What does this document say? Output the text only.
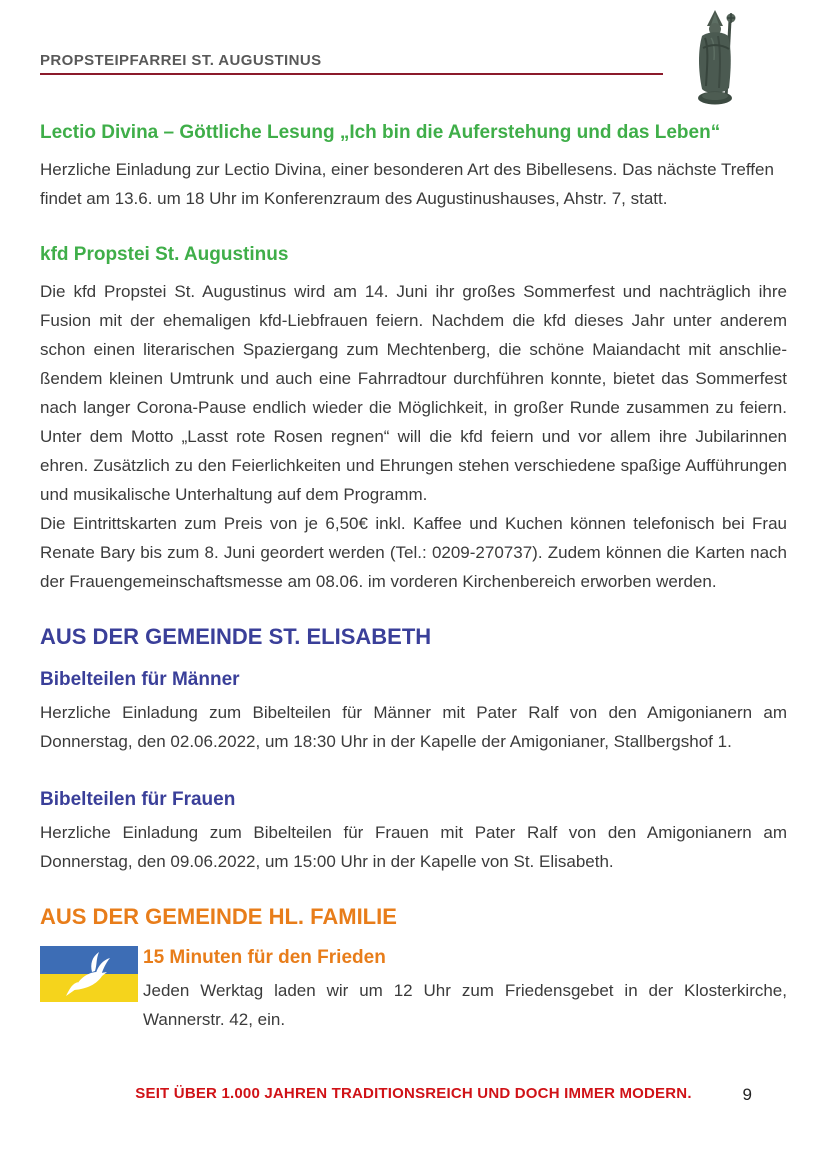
PROPSTEIPFARREI ST. AUGUSTINUS
Lectio Divina – Göttliche Lesung „Ich bin die Auferstehung und das Leben“

Herzliche Einladung zur Lectio Divina, einer besonderen Art des Bibellesens. Das nächste Treffen findet am 13.6. um 18 Uhr im Konferenzraum des Augustinushauses, Ahstr. 7, statt.

kfd Propstei St. Augustinus

Die kfd Propstei St. Augustinus wird am 14. Juni ihr großes Sommerfest und nachträglich ihre Fusion mit der ehemaligen kfd-Liebfrauen feiern. Nachdem die kfd dieses Jahr unter anderem schon einen literarischen Spaziergang zum Mechtenberg, die schöne Maiandacht mit anschließendem kleinen Umtrunk und auch eine Fahrradtour durchführen konnte, bietet das Sommerfest nach langer Corona-Pause endlich wieder die Möglichkeit, in großer Runde zusammen zu feiern. Unter dem Motto „Lasst rote Rosen regnen“ will die kfd feiern und vor allem ihre Jubilarinnen ehren. Zusätzlich zu den Feierlichkeiten und Ehrungen stehen verschiedene spaßige Aufführungen und musikalische Unterhaltung auf dem Programm.

Die Eintrittskarten zum Preis von je 6,50€ inkl. Kaffee und Kuchen können telefonisch bei Frau Renate Bary bis zum 8. Juni geordert werden (Tel.: 0209-270737). Zudem können die Karten nach der Frauengemeinschaftsmesse am 08.06. im vorderen Kirchenbereich erworben werden.

AUS DER GEMEINDE ST. ELISABETH
Bibelteilen für Männer

Herzliche Einladung zum Bibelteilen für Männer mit Pater Ralf von den Amigonianern am Donnerstag, den 02.06.2022, um 18:30 Uhr in der Kapelle der Amigonianer, Stallbergshof 1.

Bibelteilen für Frauen

Herzliche Einladung zum Bibelteilen für Frauen mit Pater Ralf von den Amigonianern am Donnerstag, den 09.06.2022, um 15:00 Uhr in der Kapelle von St. Elisabeth.

AUS DER GEMEINDE HL. FAMILIE
15 Minuten für den Frieden

Jeden Werktag laden wir um 12 Uhr zum Friedensgebet in der Klosterkirche, Wannerstr. 42, ein.

SEIT ÜBER 1.000 JAHREN TRADITIONSREICH UND DOCH IMMER MODERN.	9
